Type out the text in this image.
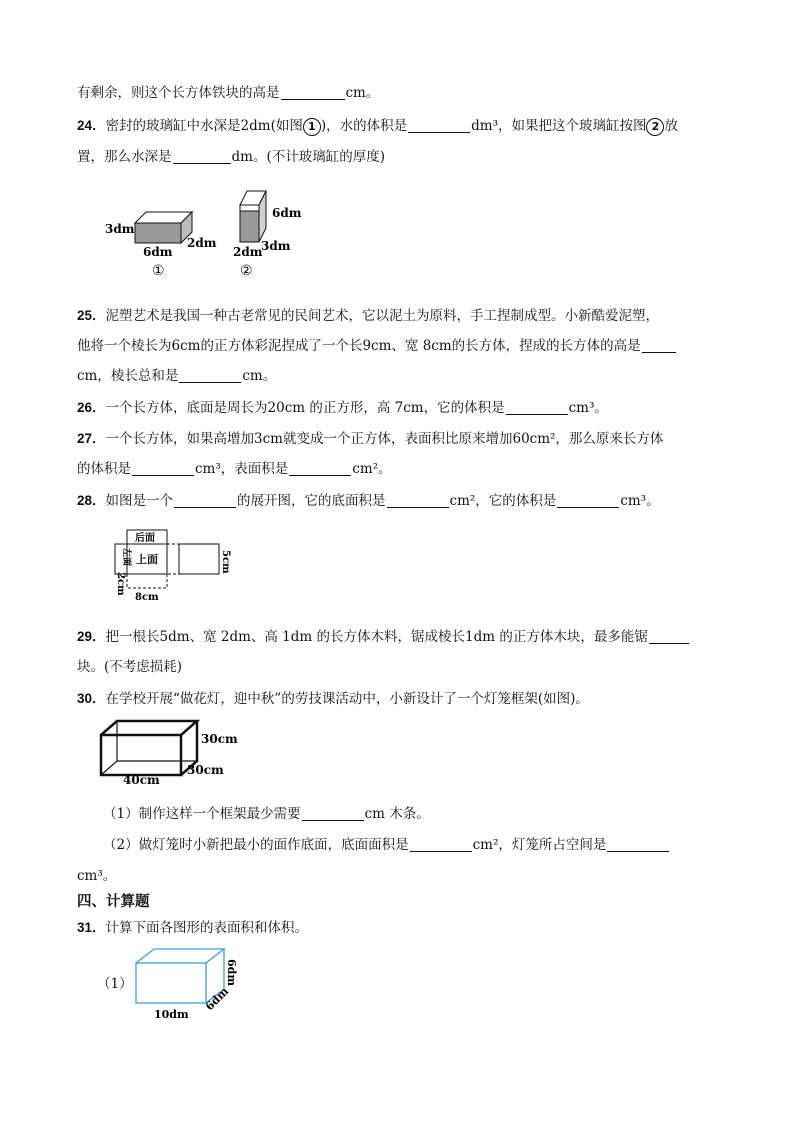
有剩余，则这个长方体铁块的高是	cm。
24．密封的玻璃缸中水深是2dm(如图 1 )，水的体积是	dm³，如果把这个玻璃缸按图 2 放
置，那么水深是	dm。(不计玻璃缸的厚度)
3dm
6dm
2dm
①
6dm
3dm
2dm
②
25．泥塑艺术是我国一种古老常见的民间艺术，它以泥土为原料，手工捏制成型。小新酷爱泥塑，
他将一个棱长为6cm的正方体彩泥捏成了一个长9cm、宽 8cm的长方体，捏成的长方体的高是
cm，棱长总和是	cm。
26．一个长方体，底面是周长为20cm 的正方形，高 7cm，它的体积是	cm³。
27．一个长方体，如果高增加3cm就变成一个正方体，表面积比原来增加60cm²，那么原来长方体
的体积是	cm³，表面积是	cm²。
28．如图是一个	的展开图，它的底面积是	cm²，它的体积是	cm³。
后面
上面
左面	5cm
2cm
8cm
29．把一根长5dm、宽 2dm、高 1dm 的长方体木料，锯成棱长1dm 的正方体木块，最多能锯
块。(不考虑损耗)
30．在学校开展“做花灯，迎中秋”的劳技课活动中，小新设计了一个灯笼框架(如图)。
30cm
30cm
40cm
（1）制作这样一个框架最少需要	cm 木条。
（2）做灯笼时小新把最小的面作底面，底面面积是	cm²，灯笼所占空间是
cm³。
四、计算题
31．计算下面各图形的表面积和体积。
（1）	6dm
6dm
10dm
